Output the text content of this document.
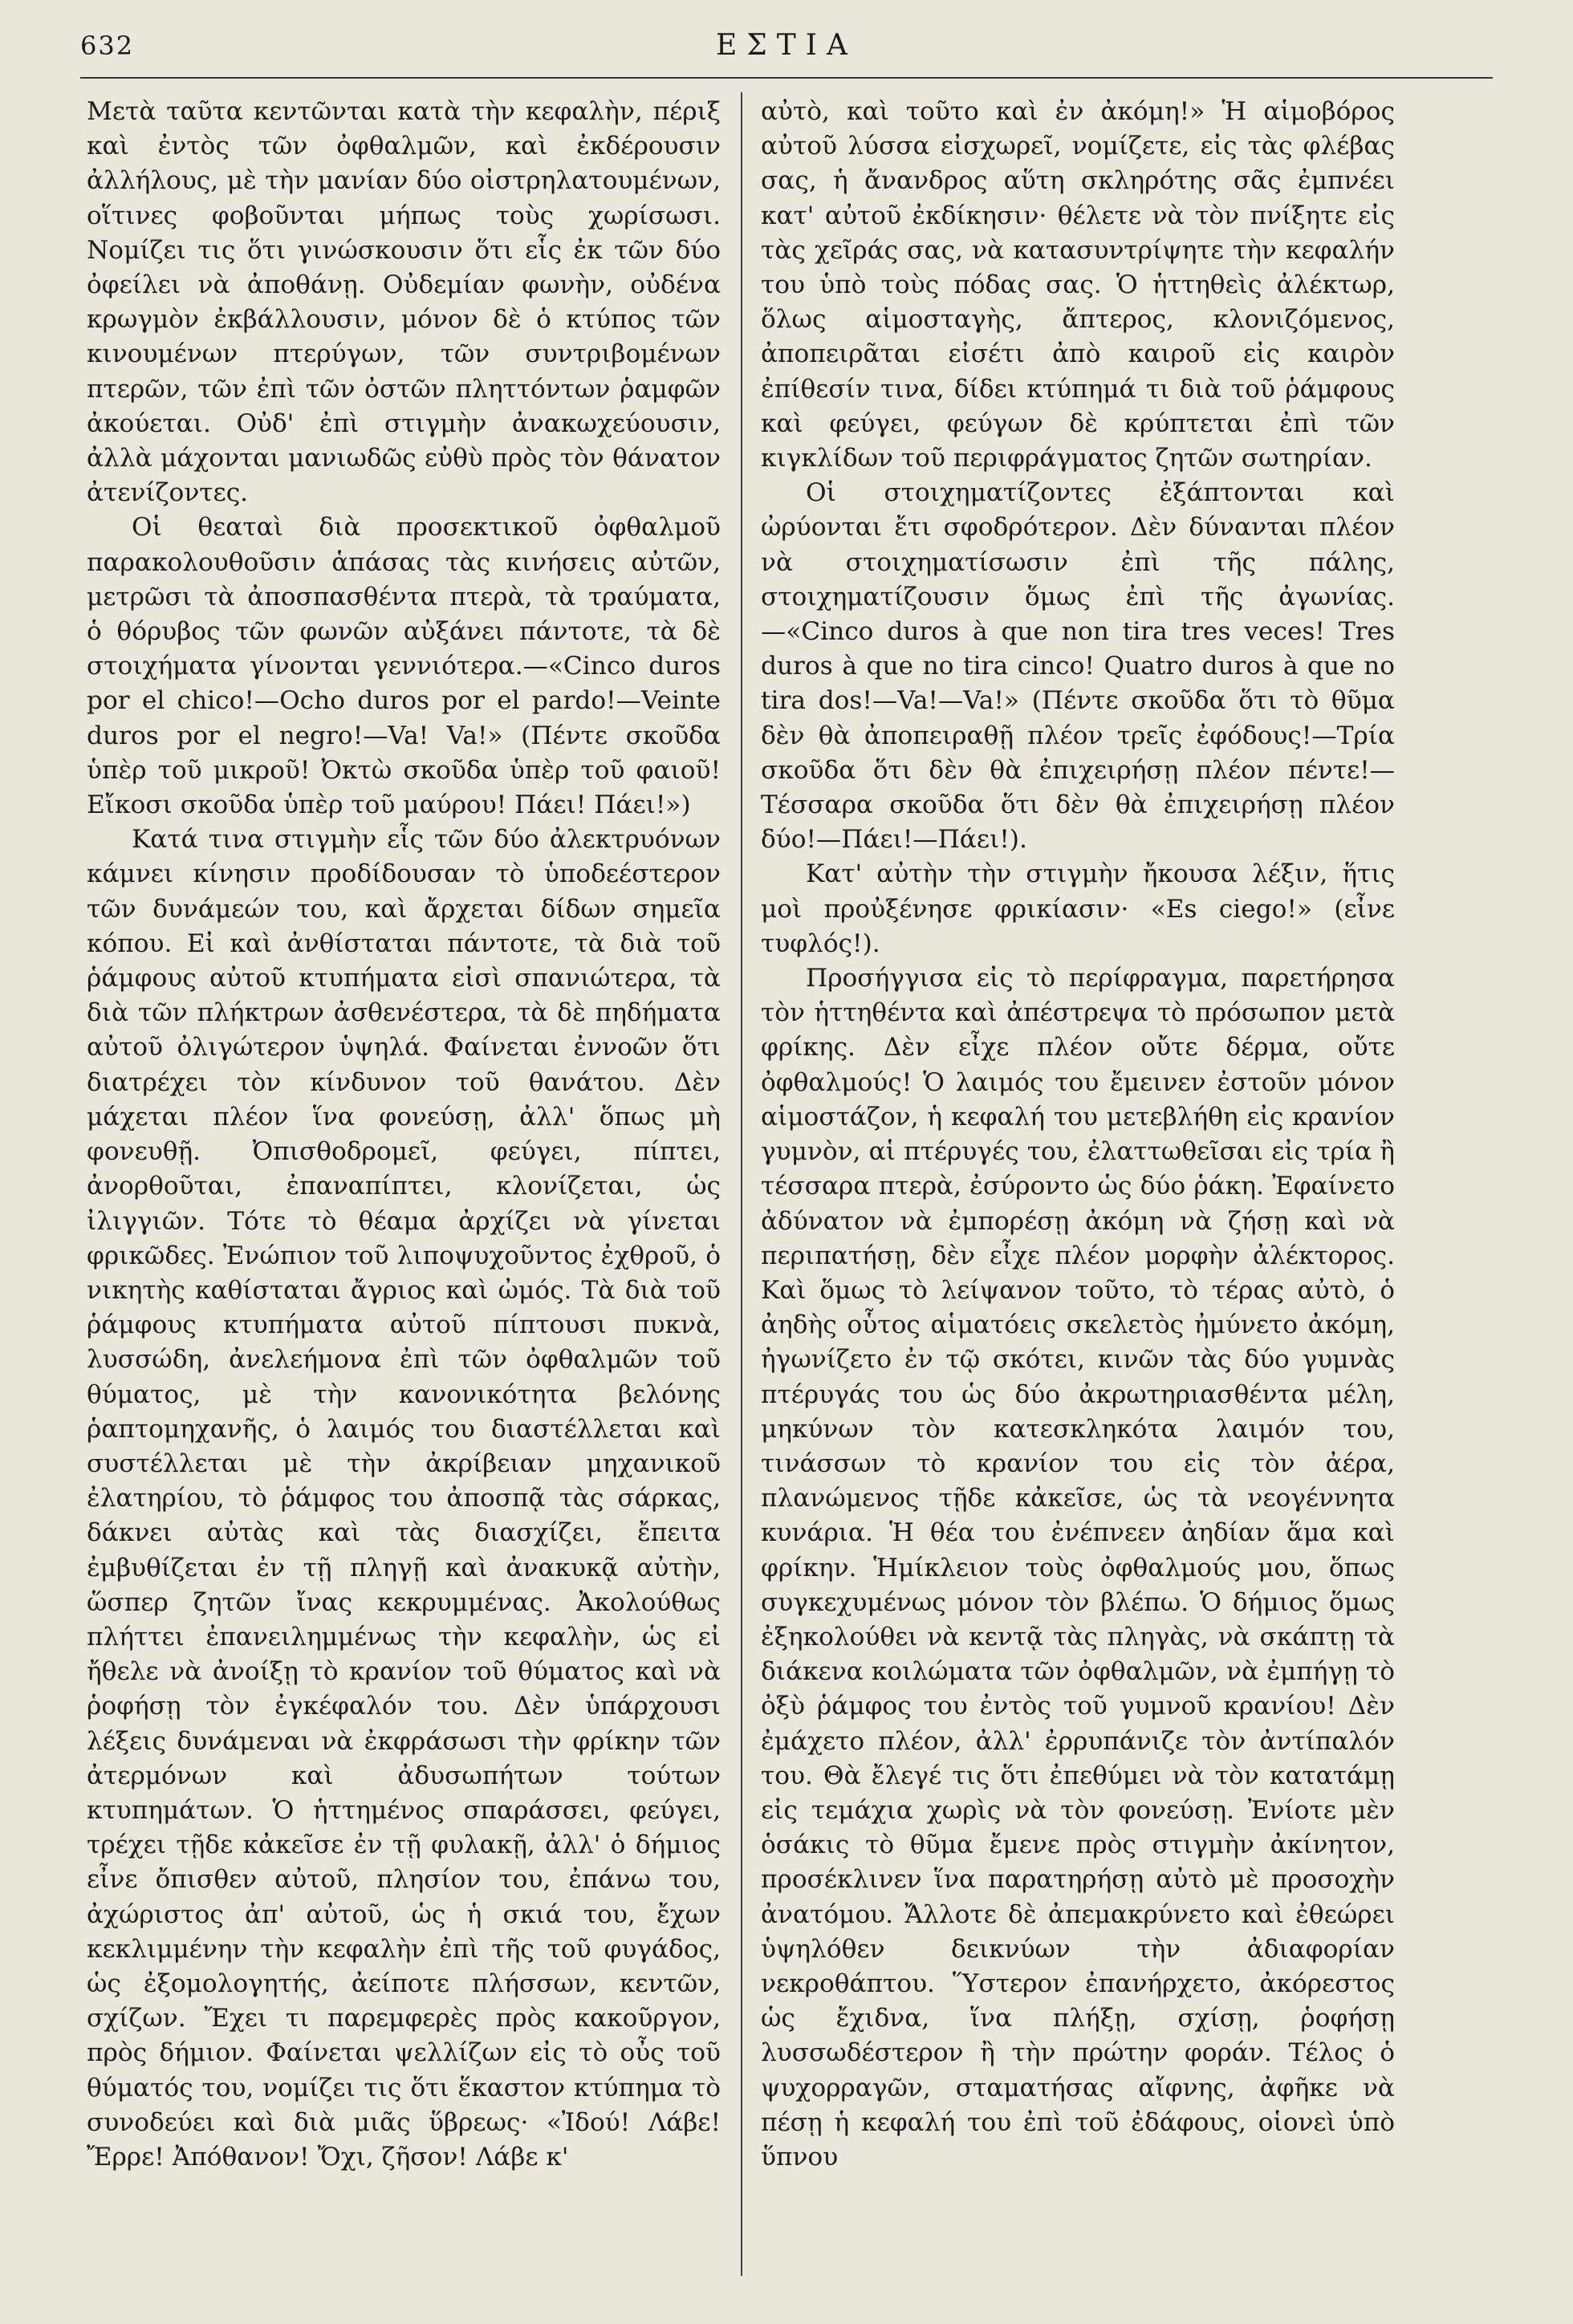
632	ΕΣΤΙΑ

Μετὰ ταῦτα κεντῶνται κατὰ τὴν κεφαλὴν, πέριξ καὶ ἐντὸς τῶν ὀφθαλμῶν, καὶ ἐκδέρουσιν ἀλλήλους, μὲ τὴν μανίαν δύο οἰστρηλατουμένων, οἵτινες φοβοῦνται μήπως τοὺς χωρίσωσι. Νομίζει τις ὅτι γινώσκουσιν ὅτι εἷς ἐκ τῶν δύο ὀφείλει νὰ ἀποθάνῃ. Οὐδεμίαν φωνὴν, οὐδένα κρωγμὸν ἐκβάλλουσιν, μόνον δὲ ὁ κτύπος τῶν κινουμένων πτερύγων, τῶν συντριβομένων πτερῶν, τῶν ἐπὶ τῶν ὀστῶν πληττόντων ῥαμφῶν ἀκούεται. Οὐδ' ἐπὶ στιγμὴν ἀνακωχεύουσιν, ἀλλὰ μάχονται μανιωδῶς εὐθὺ πρὸς τὸν θάνατον ἀτενίζοντες.

Οἱ θεαταὶ διὰ προσεκτικοῦ ὀφθαλμοῦ παρακολουθοῦσιν ἁπάσας τὰς κινήσεις αὐτῶν, μετρῶσι τὰ ἀποσπασθέντα πτερὰ, τὰ τραύματα, ὁ θόρυβος τῶν φωνῶν αὐξάνει πάντοτε, τὰ δὲ στοιχήματα γίνονται γεννιότερα.—«Cinco duros por el chico!—Ocho duros por el pardo!—Veinte duros por el negro!—Va! Va!» (Πέντε σκοῦδα ὑπὲρ τοῦ μικροῦ! Ὀκτὼ σκοῦδα ὑπὲρ τοῦ φαιοῦ! Εἴκοσι σκοῦδα ὑπὲρ τοῦ μαύρου! Πάει! Πάει!»)

Κατά τινα στιγμὴν εἷς τῶν δύο ἀλεκτρυόνων κάμνει κίνησιν προδίδουσαν τὸ ὑποδεέστερον τῶν δυνάμεών του, καὶ ἄρχεται δίδων σημεῖα κόπου. Εἰ καὶ ἀνθίσταται πάντοτε, τὰ διὰ τοῦ ῥάμφους αὐτοῦ κτυπήματα εἰσὶ σπανιώτερα, τὰ διὰ τῶν πλήκτρων ἀσθενέστερα, τὰ δὲ πηδήματα αὐτοῦ ὀλιγώτερον ὑψηλά. Φαίνεται ἐννοῶν ὅτι διατρέχει τὸν κίνδυνον τοῦ θανάτου. Δὲν μάχεται πλέον ἵνα φονεύσῃ, ἀλλ' ὅπως μὴ φονευθῇ. Ὀπισθοδρομεῖ, φεύγει, πίπτει, ἀνορθοῦται, ἐπαναπίπτει, κλονίζεται, ὡς ἰλιγγιῶν. Τότε τὸ θέαμα ἀρχίζει νὰ γίνεται φρικῶδες. Ἐνώπιον τοῦ λιποψυχοῦντος ἐχθροῦ, ὁ νικητὴς καθίσταται ἄγριος καὶ ὠμός. Τὰ διὰ τοῦ ῥάμφους κτυπήματα αὐτοῦ πίπτουσι πυκνὰ, λυσσώδη, ἀνελεήμονα ἐπὶ τῶν ὀφθαλμῶν τοῦ θύματος, μὲ τὴν κανονικότητα βελόνης ῥαπτομηχανῆς, ὁ λαιμός του διαστέλλεται καὶ συστέλλεται μὲ τὴν ἀκρίβειαν μηχανικοῦ ἐλατηρίου, τὸ ῥάμφος του ἀποσπᾷ τὰς σάρκας, δάκνει αὐτὰς καὶ τὰς διασχίζει, ἔπειτα ἐμβυθίζεται ἐν τῇ πληγῇ καὶ ἀνακυκᾷ αὐτὴν, ὥσπερ ζητῶν ἴνας κεκρυμμένας. Ἀκολούθως πλήττει ἐπανειλημμένως τὴν κεφαλὴν, ὡς εἰ ἤθελε νὰ ἀνοίξῃ τὸ κρανίον τοῦ θύματος καὶ νὰ ῥοφήσῃ τὸν ἐγκέφαλόν του. Δὲν ὑπάρχουσι λέξεις δυνάμεναι νὰ ἐκφράσωσι τὴν φρίκην τῶν ἀτερμόνων καὶ ἀδυσωπήτων τούτων κτυπημάτων. Ὁ ἡττημένος σπαράσσει, φεύγει, τρέχει τῇδε κἀκεῖσε ἐν τῇ φυλακῇ, ἀλλ' ὁ δήμιος εἶνε ὄπισθεν αὐτοῦ, πλησίον του, ἐπάνω του, ἀχώριστος ἀπ' αὐτοῦ, ὡς ἡ σκιά του, ἔχων κεκλιμμένην τὴν κεφαλὴν ἐπὶ τῆς τοῦ φυγάδος, ὡς ἐξομολογητής, ἀείποτε πλήσσων, κεντῶν, σχίζων. Ἔχει τι παρεμφερὲς πρὸς κακοῦργον, πρὸς δήμιον. Φαίνεται ψελλίζων εἰς τὸ οὖς τοῦ θύματός του, νομίζει τις ὅτι ἕκαστον κτύπημα τὸ συνοδεύει καὶ διὰ μιᾶς ὕβρεως· «Ἰδού! Λάβε! Ἔρρε! Ἀπόθανον! Ὄχι, ζῆσον! Λάβε κ'

αὐτὸ, καὶ τοῦτο καὶ ἐν ἀκόμη!» Ἡ αἱμοβόρος αὐτοῦ λύσσα εἰσχωρεῖ, νομίζετε, εἰς τὰς φλέβας σας, ἡ ἄνανδρος αὕτη σκληρότης σᾶς ἐμπνέει κατ' αὐτοῦ ἐκδίκησιν· θέλετε νὰ τὸν πνίξητε εἰς τὰς χεῖράς σας, νὰ κατασυντρίψητε τὴν κεφαλήν του ὑπὸ τοὺς πόδας σας. Ὁ ἡττηθεὶς ἀλέκτωρ, ὅλως αἱμοσταγὴς, ἄπτερος, κλονιζόμενος, ἀποπειρᾶται εἰσέτι ἀπὸ καιροῦ εἰς καιρὸν ἐπίθεσίν τινα, δίδει κτύπημά τι διὰ τοῦ ῥάμφους καὶ φεύγει, φεύγων δὲ κρύπτεται ἐπὶ τῶν κιγκλίδων τοῦ περιφράγματος ζητῶν σωτηρίαν.

Οἱ στοιχηματίζοντες ἐξάπτονται καὶ ὠρύονται ἔτι σφοδρότερον. Δὲν δύνανται πλέον νὰ στοιχηματίσωσιν ἐπὶ τῆς πάλης, στοιχηματίζουσιν ὅμως ἐπὶ τῆς ἀγωνίας.—«Cinco duros à que non tira tres veces! Tres duros à que no tira cinco! Quatro duros à que no tira dos!—Va!—Va!» (Πέντε σκοῦδα ὅτι τὸ θῦμα δὲν θὰ ἀποπειραθῇ πλέον τρεῖς ἐφόδους!—Τρία σκοῦδα ὅτι δὲν θὰ ἐπιχειρήσῃ πλέον πέντε!—Τέσσαρα σκοῦδα ὅτι δὲν θὰ ἐπιχειρήσῃ πλέον δύο!—Πάει!—Πάει!).

Κατ' αὐτὴν τὴν στιγμὴν ἤκουσα λέξιν, ἥτις μοὶ προὐξένησε φρικίασιν· «Es ciego!» (εἶνε τυφλός!).

Προσήγγισα εἰς τὸ περίφραγμα, παρετήρησα τὸν ἡττηθέντα καὶ ἀπέστρεψα τὸ πρόσωπον μετὰ φρίκης. Δὲν εἶχε πλέον οὔτε δέρμα, οὔτε ὀφθαλμούς! Ὁ λαιμός του ἔμεινεν ἐστοῦν μόνον αἱμοστάζον, ἡ κεφαλή του μετεβλήθη εἰς κρανίον γυμνὸν, αἱ πτέρυγές του, ἐλαττωθεῖσαι εἰς τρία ἢ τέσσαρα πτερὰ, ἐσύροντο ὡς δύο ῥάκη. Ἐφαίνετο ἀδύνατον νὰ ἐμπορέσῃ ἀκόμη νὰ ζήσῃ καὶ νὰ περιπατήσῃ, δὲν εἶχε πλέον μορφὴν ἀλέκτορος. Καὶ ὅμως τὸ λείψανον τοῦτο, τὸ τέρας αὐτὸ, ὁ ἀηδὴς οὗτος αἱματόεις σκελετὸς ἠμύνετο ἀκόμη, ἠγωνίζετο ἐν τῷ σκότει, κινῶν τὰς δύο γυμνὰς πτέρυγάς του ὡς δύο ἀκρωτηριασθέντα μέλη, μηκύνων τὸν κατεσκληκότα λαιμόν του, τινάσσων τὸ κρανίον του εἰς τὸν ἀέρα, πλανώμενος τῇδε κἀκεῖσε, ὡς τὰ νεογέννητα κυνάρια. Ἡ θέα του ἐνέπνεεν ἀηδίαν ἅμα καὶ φρίκην. Ἡμίκλειον τοὺς ὀφθαλμούς μου, ὅπως συγκεχυμένως μόνον τὸν βλέπω. Ὁ δήμιος ὅμως ἐξηκολούθει νὰ κεντᾷ τὰς πληγὰς, νὰ σκάπτῃ τὰ διάκενα κοιλώματα τῶν ὀφθαλμῶν, νὰ ἐμπήγῃ τὸ ὀξὺ ῥάμφος του ἐντὸς τοῦ γυμνοῦ κρανίου! Δὲν ἐμάχετο πλέον, ἀλλ' ἐρρυπάνιζε τὸν ἀντίπαλόν του. Θὰ ἔλεγέ τις ὅτι ἐπεθύμει νὰ τὸν κατατάμῃ εἰς τεμάχια χωρὶς νὰ τὸν φονεύσῃ. Ἐνίοτε μὲν ὁσάκις τὸ θῦμα ἔμενε πρὸς στιγμὴν ἀκίνητον, προσέκλινεν ἵνα παρατηρήσῃ αὐτὸ μὲ προσοχὴν ἀνατόμου. Ἄλλοτε δὲ ἀπεμακρύνετο καὶ ἐθεώρει ὑψηλόθεν δεικνύων τὴν ἀδιαφορίαν νεκροθάπτου. Ὕστερον ἐπανήρχετο, ἀκόρεστος ὡς ἔχιδνα, ἵνα πλήξῃ, σχίσῃ, ῥοφήσῃ λυσσωδέστερον ἢ τὴν πρώτην φοράν. Τέλος ὁ ψυχορραγῶν, σταματήσας αἴφνης, ἀφῆκε νὰ πέσῃ ἡ κεφαλή του ἐπὶ τοῦ ἐδάφους, οἱονεὶ ὑπὸ ὕπνου
